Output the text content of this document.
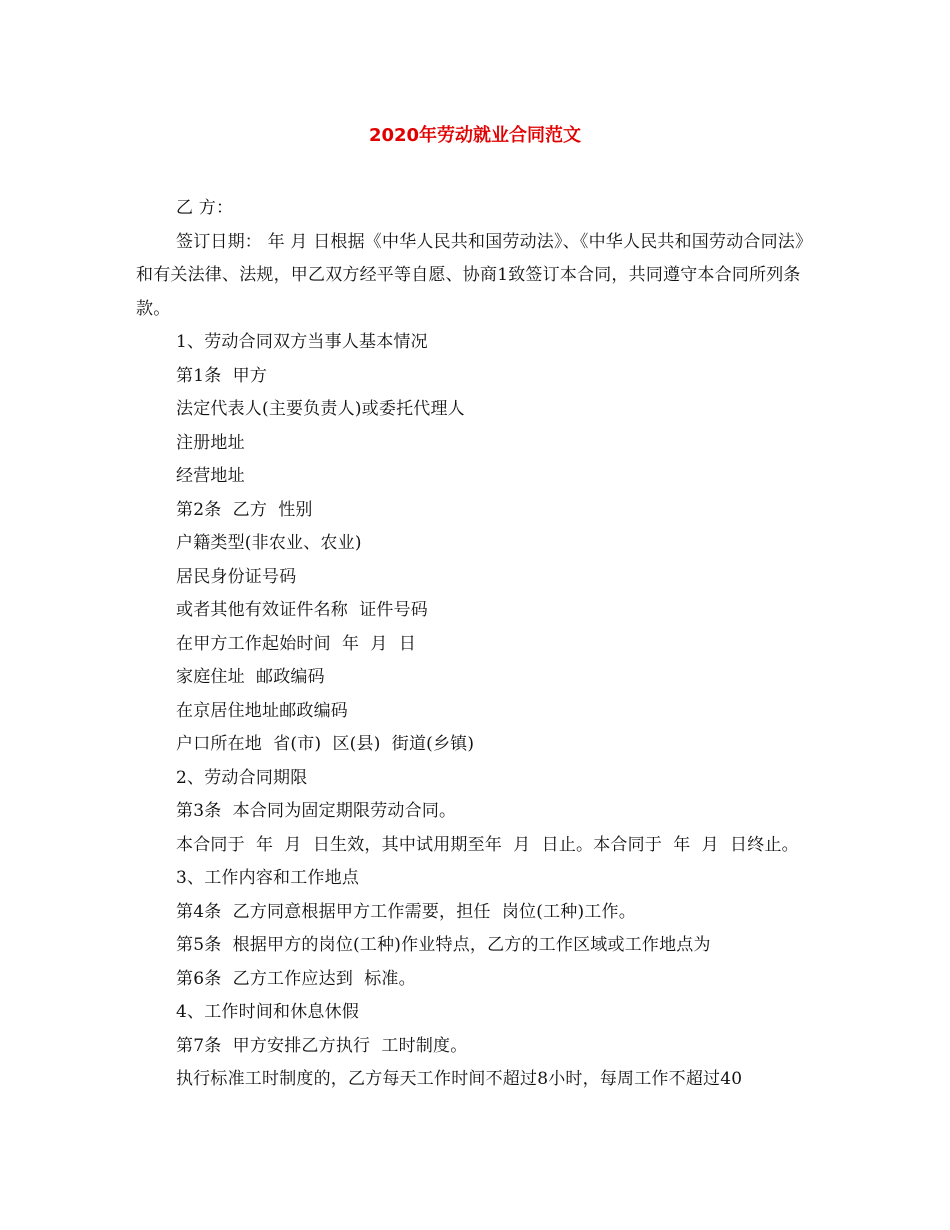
2020年劳动就业合同范文

乙 方：

签订日期： 年 月 日根据《中华人民共和国劳动法》、《中华人民共和国劳动合同法》和有关法律、法规，甲乙双方经平等自愿、协商1致签订本合同，共同遵守本合同所列条款。

1、劳动合同双方当事人基本情况

第1条  甲方

法定代表人(主要负责人)或委托代理人

注册地址

经营地址

第2条  乙方  性别

户籍类型(非农业、农业)

居民身份证号码

或者其他有效证件名称  证件号码

在甲方工作起始时间  年  月  日

家庭住址  邮政编码

在京居住地址邮政编码

户口所在地  省(市)  区(县)  街道(乡镇)

2、劳动合同期限

第3条  本合同为固定期限劳动合同。

本合同于  年  月  日生效，其中试用期至年  月  日止。本合同于  年  月  日终止。

3、工作内容和工作地点

第4条  乙方同意根据甲方工作需要，担任  岗位(工种)工作。

第5条  根据甲方的岗位(工种)作业特点，乙方的工作区域或工作地点为

第6条  乙方工作应达到  标准。

4、工作时间和休息休假

第7条  甲方安排乙方执行  工时制度。

执行标准工时制度的，乙方每天工作时间不超过8小时，每周工作不超过40
